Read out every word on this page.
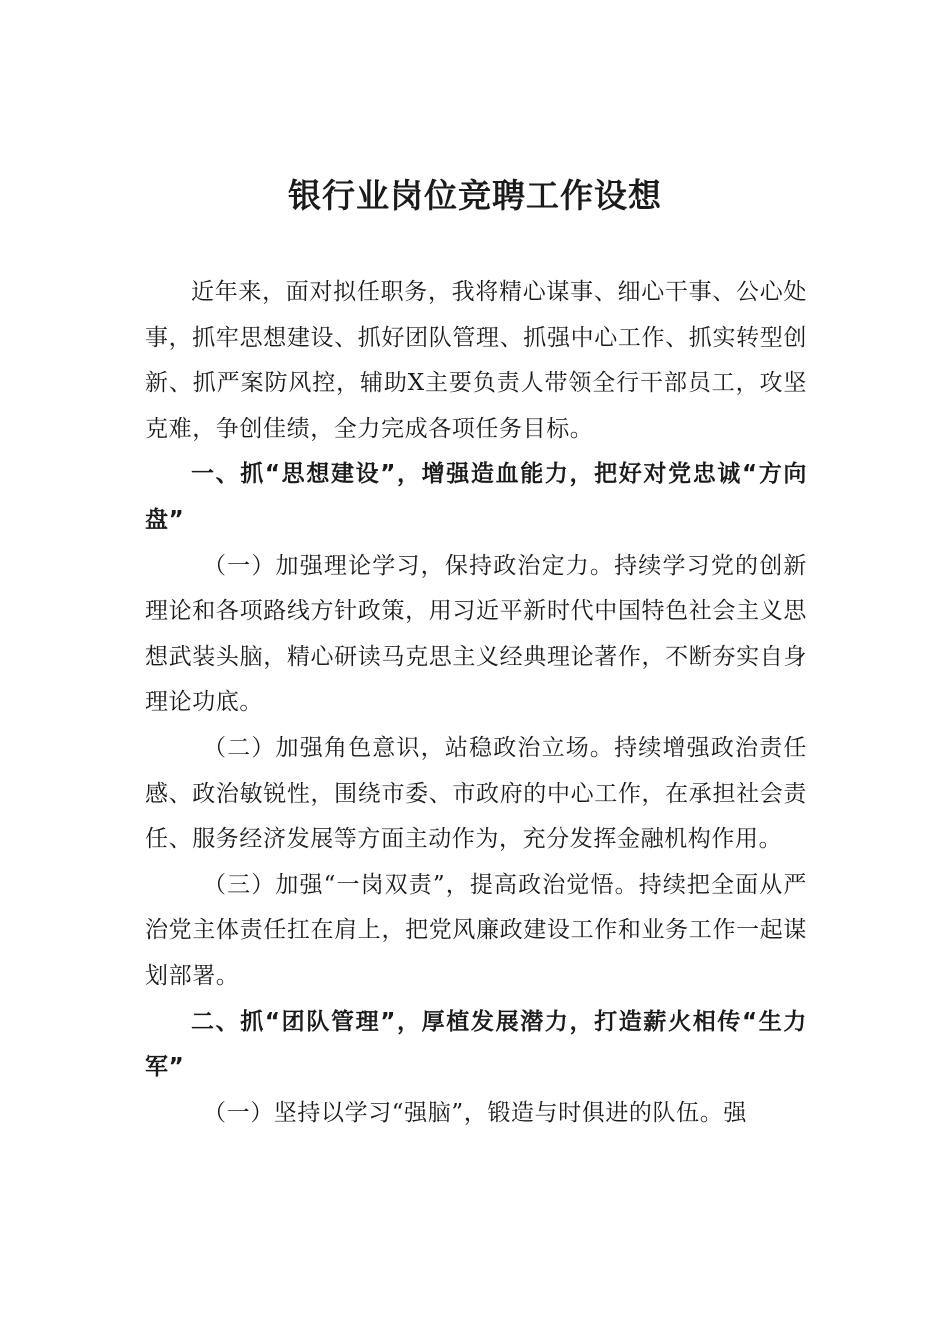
银行业岗位竞聘工作设想

近年来，面对拟任职务，我将精心谋事、细心干事、公心处事，抓牢思想建设、抓好团队管理、抓强中心工作、抓实转型创新、抓严案防风控，辅助X主要负责人带领全行干部员工，攻坚克难，争创佳绩，全力完成各项任务目标。

一、抓“思想建设”，增强造血能力，把好对党忠诚“方向盘”

（一）加强理论学习，保持政治定力。持续学习党的创新理论和各项路线方针政策，用习近平新时代中国特色社会主义思想武装头脑，精心研读马克思主义经典理论著作，不断夯实自身理论功底。

（二）加强角色意识，站稳政治立场。持续增强政治责任感、政治敏锐性，围绕市委、市政府的中心工作，在承担社会责任、服务经济发展等方面主动作为，充分发挥金融机构作用。

（三）加强“一岗双责”，提高政治觉悟。持续把全面从严治党主体责任扛在肩上，把党风廉政建设工作和业务工作一起谋划部署。

二、抓“团队管理”，厚植发展潜力，打造薪火相传“生力军”

（一）坚持以学习“强脑”，锻造与时俱进的队伍。强
